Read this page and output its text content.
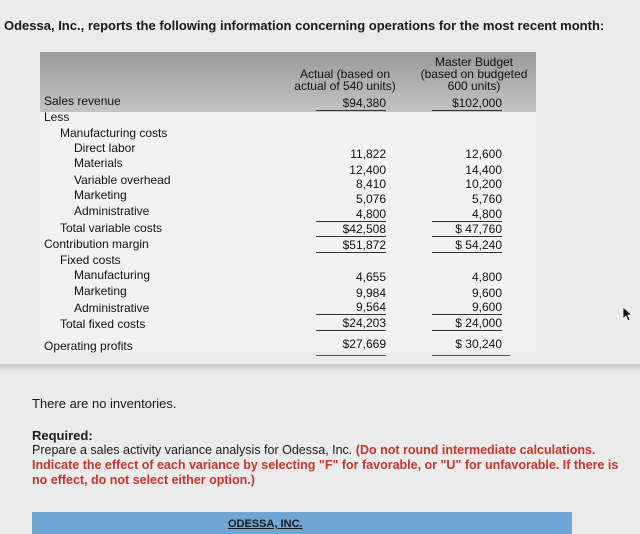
Odessa, Inc., reports the following information concerning operations for the most recent month:
Actual (based on
actual of 540 units)
Master Budget
(based on budgeted
600 units)
Sales revenue	$94,380	$102,000
Less
Manufacturing costs
Direct labor	11,822	12,600
Materials	12,400	14,400
Variable overhead	8,410	10,200
Marketing	5,076	5,760
Administrative	4,800	4,800
Total variable costs	$42,508	$ 47,760
Contribution margin	$51,872	$ 54,240
Fixed costs
Manufacturing	4,655	4,800
Marketing	9,984	9,600
Administrative	9,564	9,600
Total fixed costs	$24,203	$ 24,000
Operating profits	$27,669	$ 30,240
There are no inventories.
Required:
Prepare a sales activity variance analysis for Odessa, Inc. (Do not round intermediate calculations. Indicate the effect of each variance by selecting "F" for favorable, or "U" for unfavorable. If there is no effect, do not select either option.)
ODESSA, INC.
